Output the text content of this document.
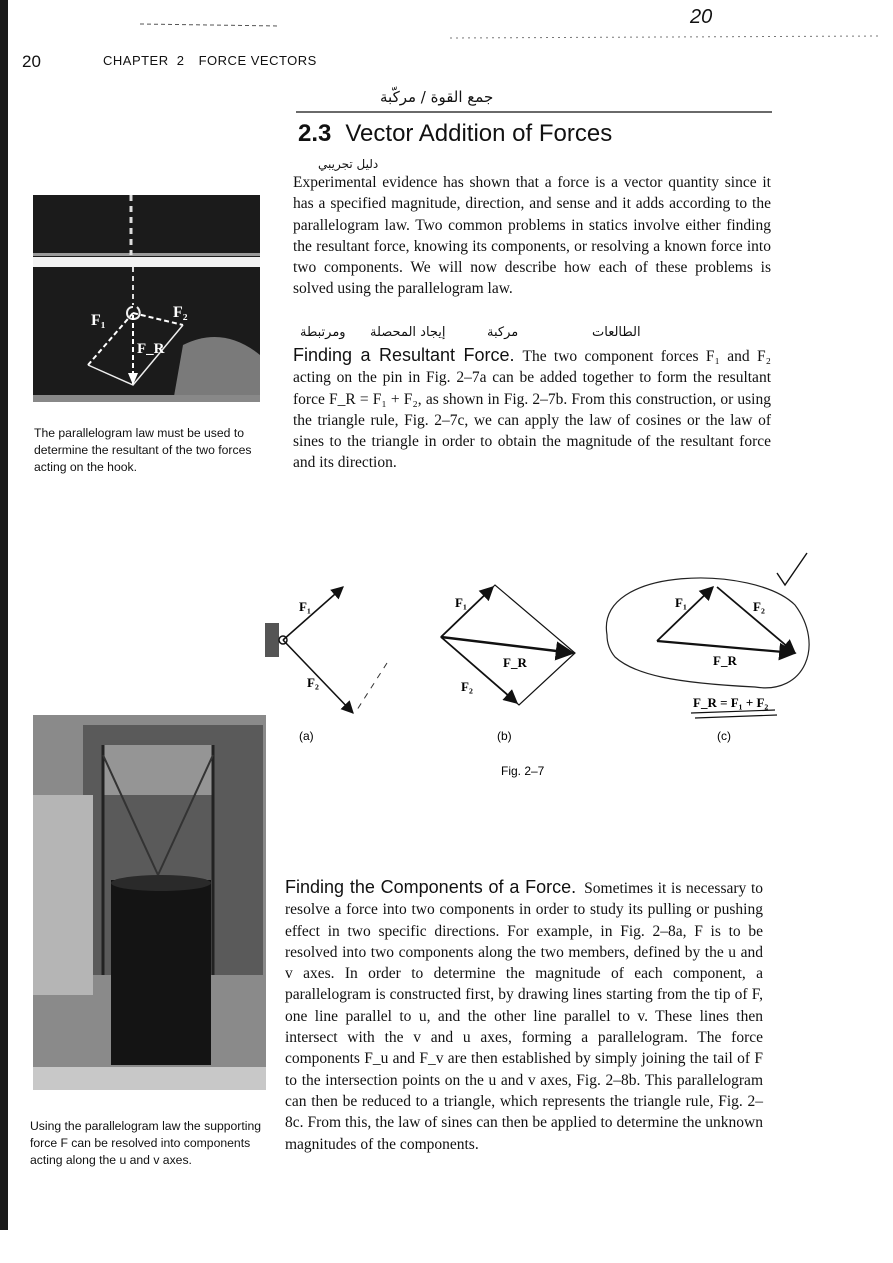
20	CHAPTER 2 FORCE VECTORS
20
جمع القوة / مركّبة
2.3 Vector Addition of Forces
دليل تجريبي
Experimental evidence has shown that a force is a vector quantity since it has a specified magnitude, direction, and sense and it adds according to the parallelogram law. Two common problems in statics involve either finding the resultant force, knowing its components, or resolving a known force into two components. We will now describe how each of these problems is solved using the parallelogram law.
الطالعات
مركبة
إيجاد المحصلة
ومرتبطة
Finding a Resultant Force. The two component forces F₁ and F₂ acting on the pin in Fig. 2–7a can be added together to form the resultant force F_R = F₁ + F₂, as shown in Fig. 2–7b. From this construction, or using the triangle rule, Fig. 2–7c, we can apply the law of cosines or the law of sines to the triangle in order to obtain the magnitude of the resultant force and its direction.
F₁	F₂
F_R
The parallelogram law must be used to determine the resultant of the two forces acting on the hook.
F₁
F₂
(a)
F₁
F₂
F_R
(b)
F₁	F₂
F_R
F_R = F₁ + F₂
(c)
Fig. 2–7
Using the parallelogram law the supporting force F can be resolved into components acting along the u and v axes.
Finding the Components of a Force. Sometimes it is necessary to resolve a force into two components in order to study its pulling or pushing effect in two specific directions. For example, in Fig. 2–8a, F is to be resolved into two components along the two members, defined by the u and v axes. In order to determine the magnitude of each component, a parallelogram is constructed first, by drawing lines starting from the tip of F, one line parallel to u, and the other line parallel to v. These lines then intersect with the v and u axes, forming a parallelogram. The force components F_u and F_v are then established by simply joining the tail of F to the intersection points on the u and v axes, Fig. 2–8b. This parallelogram can then be reduced to a triangle, which represents the triangle rule, Fig. 2–8c. From this, the law of sines can then be applied to determine the unknown magnitudes of the components.
